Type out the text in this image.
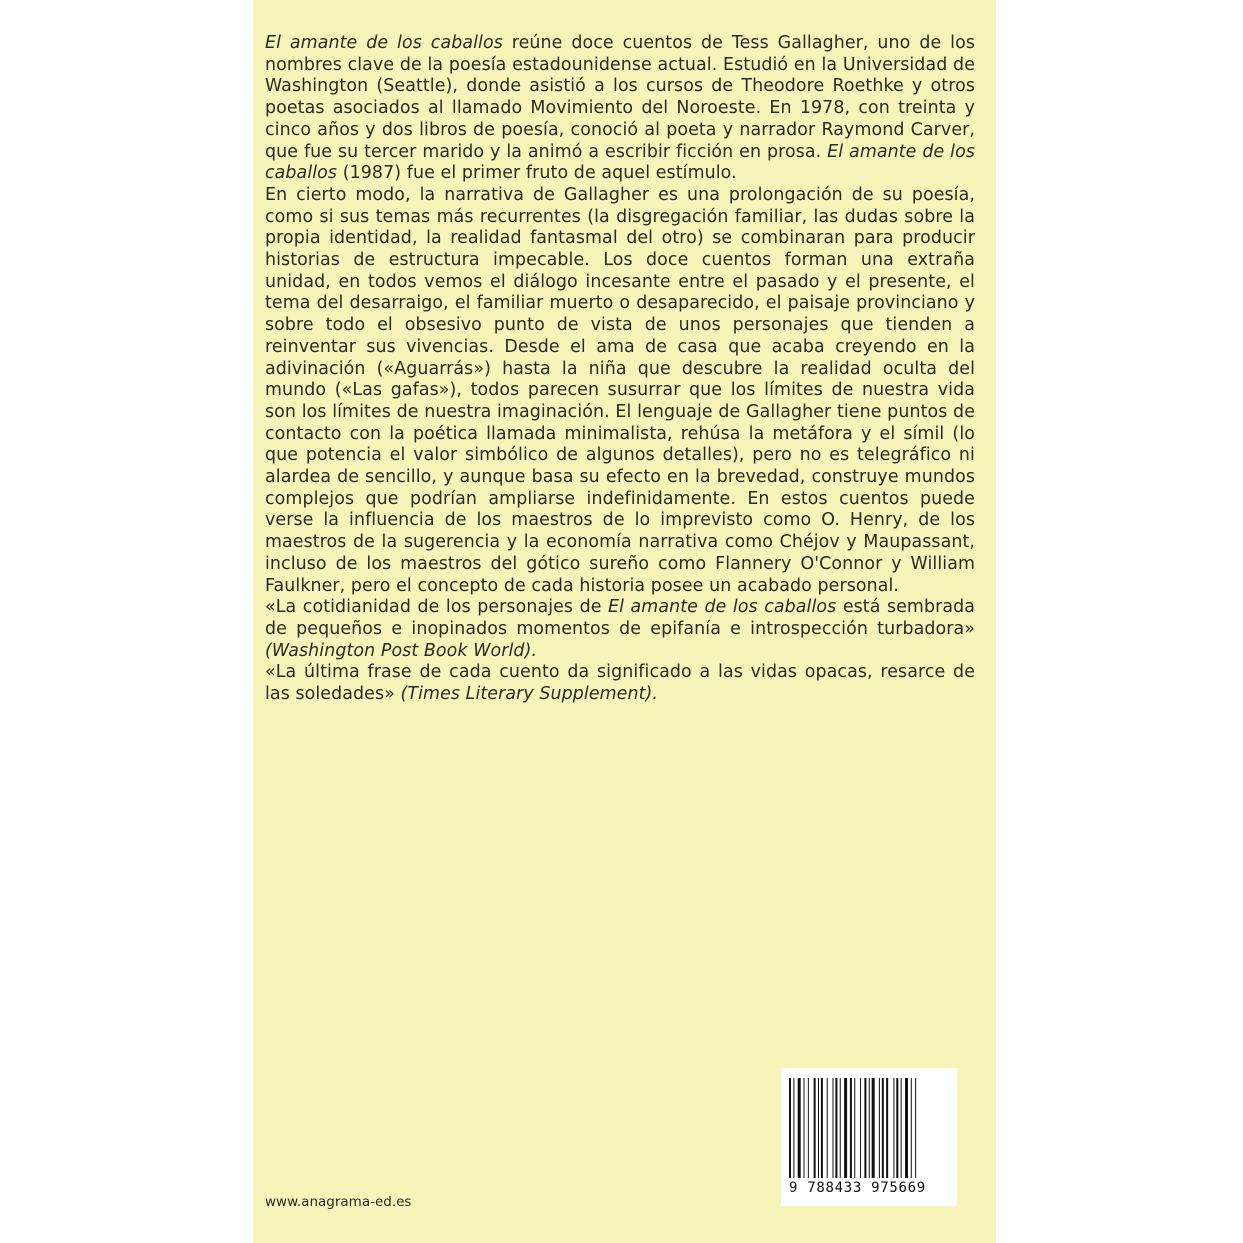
El amante de los caballos reúne doce cuentos de Tess Gallagher, uno de los nombres clave de la poesía estadounidense actual. Estudió en la Universidad de Washington (Seattle), donde asistió a los cursos de Theodore Roethke y otros poetas asociados al llamado Movimiento del Noroeste. En 1978, con treinta y cinco años y dos libros de poesía, conoció al poeta y narrador Raymond Carver, que fue su tercer marido y la animó a escribir ficción en prosa. El amante de los caballos (1987) fue el primer fruto de aquel estímulo.

En cierto modo, la narrativa de Gallagher es una prolongación de su poesía, como si sus temas más recurrentes (la disgregación familiar, las dudas sobre la propia identidad, la realidad fantasmal del otro) se combinaran para producir historias de estructura impecable. Los doce cuentos forman una extraña unidad, en todos vemos el diálogo incesante entre el pasado y el presente, el tema del desarraigo, el familiar muerto o desaparecido, el paisaje provinciano y sobre todo el obsesivo punto de vista de unos personajes que tienden a reinventar sus vivencias. Desde el ama de casa que acaba creyendo en la adivinación («Aguarrás») hasta la niña que descubre la realidad oculta del mundo («Las gafas»), todos parecen susurrar que los límites de nuestra vida son los límites de nuestra imaginación. El lenguaje de Gallagher tiene puntos de contacto con la poética llamada minimalista, rehúsa la metáfora y el símil (lo que potencia el valor simbólico de algunos detalles), pero no es telegráfico ni alardea de sencillo, y aunque basa su efecto en la brevedad, construye mundos complejos que podrían ampliarse indefinidamente. En estos cuentos puede verse la influencia de los maestros de lo imprevisto como O. Henry, de los maestros de la sugerencia y la economía narrativa como Chéjov y Maupassant, incluso de los maestros del gótico sureño como Flannery O'Connor y William Faulkner, pero el concepto de cada historia posee un acabado personal.

«La cotidianidad de los personajes de El amante de los caballos está sembrada de pequeños e inopinados momentos de epifanía e introspección turbadora» (Washington Post Book World).

«La última frase de cada cuento da significado a las vidas opacas, resarce de las soledades» (Times Literary Supplement).

www.anagrama-ed.es
9 788433 975669
